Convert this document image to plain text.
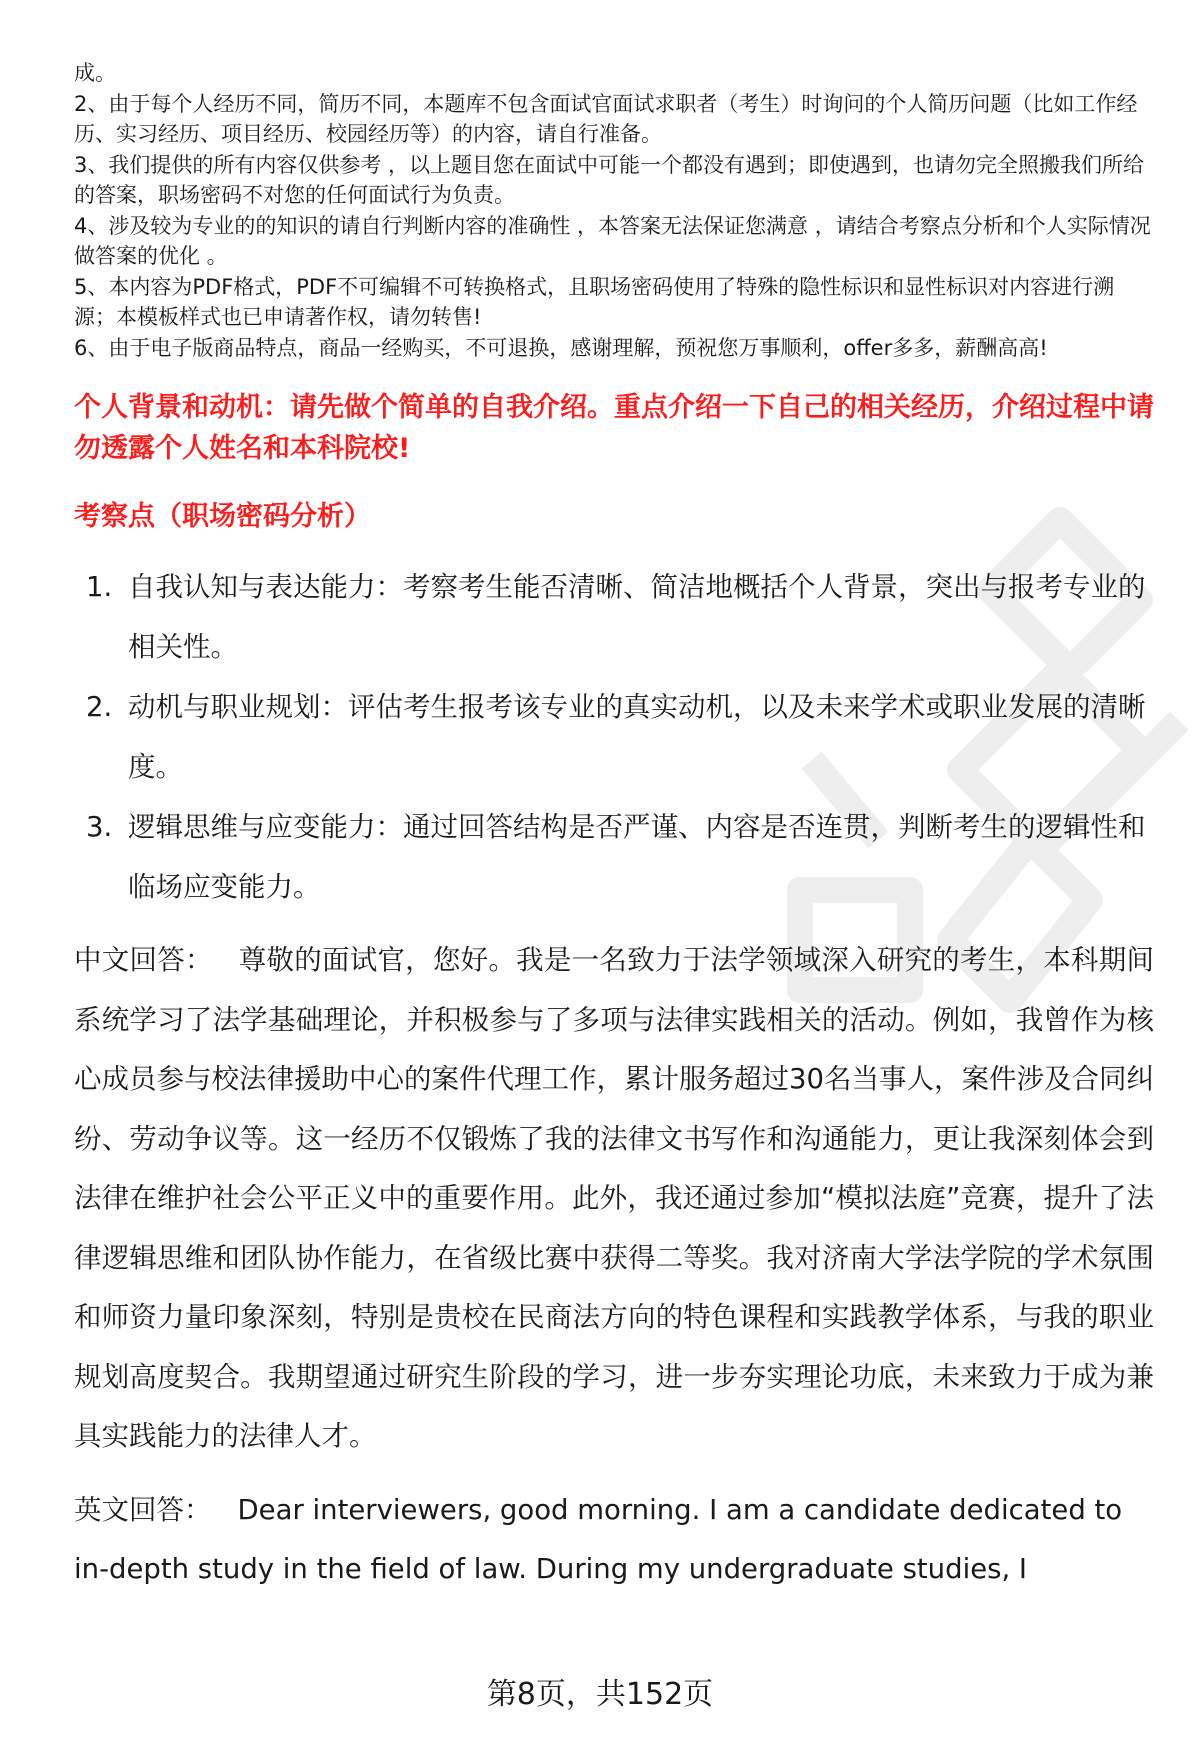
成。

2、由于每个人经历不同，简历不同，本题库不包含面试官面试求职者（考生）时询问的个人简历问题（比如工作经历、实习经历、项目经历、校园经历等）的内容，请自行准备。

3、我们提供的所有内容仅供参考 ，以上题目您在面试中可能一个都没有遇到；即使遇到，也请勿完全照搬我们所给的答案，职场密码不对您的任何面试行为负责。

4、涉及较为专业的的知识的请自行判断内容的准确性 ，本答案无法保证您满意 ，请结合考察点分析和个人实际情况做答案的优化 。

5、本内容为PDF格式，PDF不可编辑不可转换格式，且职场密码使用了特殊的隐性标识和显性标识对内容进行溯源；本模板样式也已申请著作权，请勿转售!

6、由于电子版商品特点，商品一经购买，不可退换，感谢理解，预祝您万事顺利，offer多多，薪酬高高!

个人背景和动机：请先做个简单的自我介绍。重点介绍一下自己的相关经历，介绍过程中请勿透露个人姓名和本科院校!
考察点（职场密码分析）
1. 自我认知与表达能力：考察考生能否清晰、简洁地概括个人背景，突出与报考专业的相关性。
2. 动机与职业规划：评估考生报考该专业的真实动机，以及未来学术或职业发展的清晰度。
3. 逻辑思维与应变能力：通过回答结构是否严谨、内容是否连贯，判断考生的逻辑性和临场应变能力。

中文回答： 尊敬的面试官，您好。我是一名致力于法学领域深入研究的考生，本科期间系统学习了法学基础理论，并积极参与了多项与法律实践相关的活动。例如，我曾作为核心成员参与校法律援助中心的案件代理工作，累计服务超过30名当事人，案件涉及合同纠纷、劳动争议等。这一经历不仅锻炼了我的法律文书写作和沟通能力，更让我深刻体会到法律在维护社会公平正义中的重要作用。此外，我还通过参加“模拟法庭”竞赛，提升了法律逻辑思维和团队协作能力，在省级比赛中获得二等奖。我对济南大学法学院的学术氛围和师资力量印象深刻，特别是贵校在民商法方向的特色课程和实践教学体系，与我的职业规划高度契合。我期望通过研究生阶段的学习，进一步夯实理论功底，未来致力于成为兼具实践能力的法律人才。

英文回答： Dear interviewers, good morning. I am a candidate dedicated to in-depth study in the field of law. During my undergraduate studies, I

第8页，共152页
